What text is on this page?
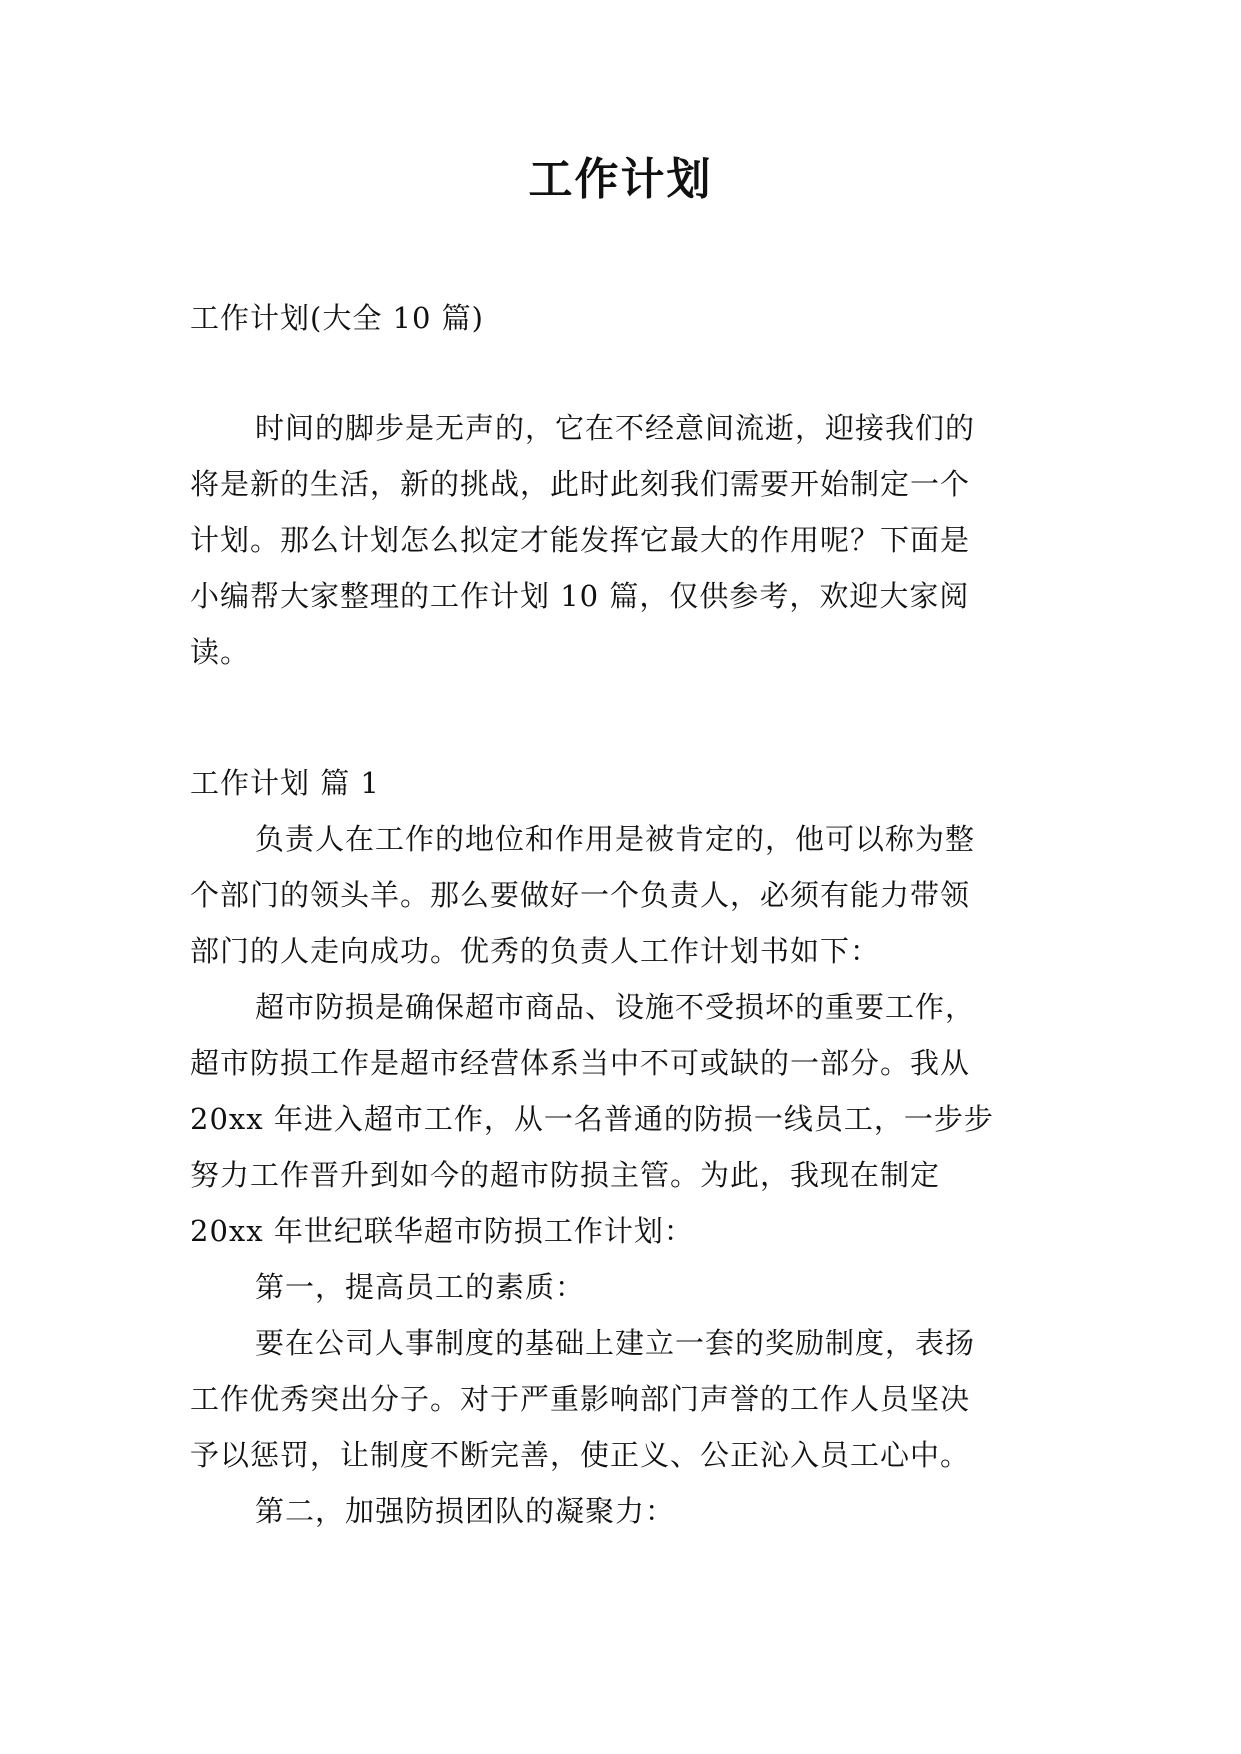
工作计划
工作计划(大全 10 篇)
时间的脚步是无声的，它在不经意间流逝，迎接我们的
将是新的生活，新的挑战，此时此刻我们需要开始制定一个
计划。那么计划怎么拟定才能发挥它最大的作用呢？下面是
小编帮大家整理的工作计划 10 篇，仅供参考，欢迎大家阅
读。
工作计划 篇 1
负责人在工作的地位和作用是被肯定的，他可以称为整
个部门的领头羊。那么要做好一个负责人，必须有能力带领
部门的人走向成功。优秀的负责人工作计划书如下：
超市防损是确保超市商品、设施不受损坏的重要工作，
超市防损工作是超市经营体系当中不可或缺的一部分。我从
20xx 年进入超市工作，从一名普通的防损一线员工，一步步
努力工作晋升到如今的超市防损主管。为此，我现在制定
20xx 年世纪联华超市防损工作计划：
第一，提高员工的素质：
要在公司人事制度的基础上建立一套的奖励制度，表扬
工作优秀突出分子。对于严重影响部门声誉的工作人员坚决
予以惩罚，让制度不断完善，使正义、公正沁入员工心中。
第二，加强防损团队的凝聚力：
